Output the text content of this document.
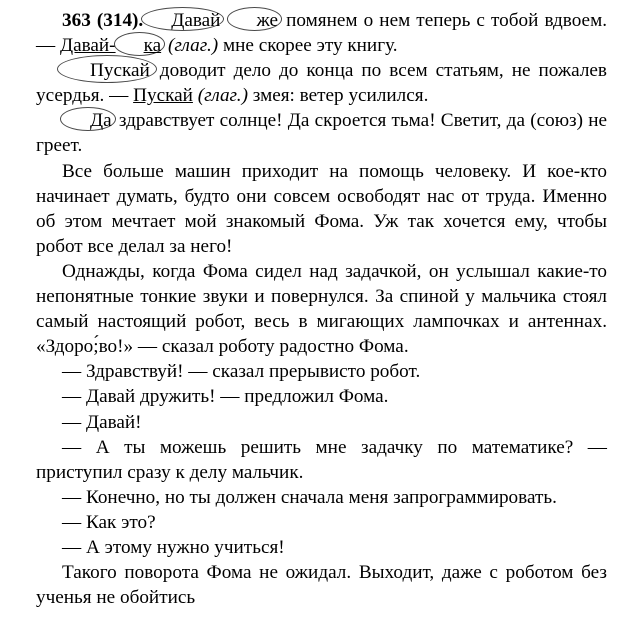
363 (314). Давай же помянем о нем теперь с тобой вдвоем. — Давай- ка (глаг.) мне скорее эту книгу.

Пускай доводит дело до конца по всем статьям, не пожалев усердья. — Пускай (глаг.) змея: ветер усилился.

Да здравствует солнце! Да скроется тьма! Светит, да (союз) не греет.

Все больше машин приходит на помощь человеку. И кое-кто начинает думать, будто они совсем освободят нас от труда. Именно об этом мечтает мой знакомый Фома. Уж так хочется ему, чтобы робот все делал за него!

Однажды, когда Фома сидел над задачкой, он услышал какие-то непонятные тонкие звуки и повернулся. За спиной у мальчика стоял самый настоящий робот, весь в мигающих лампочках и антеннах. «Здоро;́во!» — сказал роботу радостно Фома.

— Здравствуй! — сказал прерывисто робот.

— Давай дружить! — предложил Фома.

— Давай!

— А ты можешь решить мне задачку по математике? — приступил сразу к делу мальчик.

— Конечно, но ты должен сначала меня запрограммировать.

— Как это?

— А этому нужно учиться!

Такого поворота Фома не ожидал. Выходит, даже с роботом без ученья не обойтись
